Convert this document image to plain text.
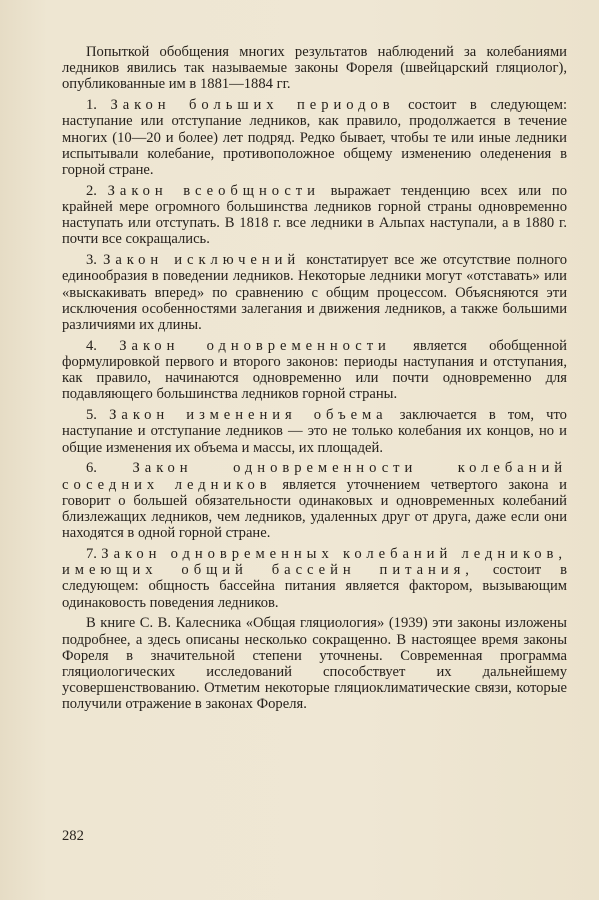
Попыткой обобщения многих результатов наблюдений за колебаниями ледников явились так называемые законы Фореля (швейцарский гляциолог), опубликованные им в 1881—1884 гг.

1. Закон больших периодов состоит в следующем: наступание или отступание ледников, как правило, продолжается в течение многих (10—20 и более) лет подряд. Редко бывает, чтобы те или иные ледники испытывали колебание, противоположное общему изменению оледенения в горной стране.

2. Закон всеобщности выражает тенденцию всех или по крайней мере огромного большинства ледников горной страны одновременно наступать или отступать. В 1818 г. все ледники в Альпах наступали, а в 1880 г. почти все сокращались.

3. Закон исключений констатирует все же отсутствие полного единообразия в поведении ледников. Некоторые ледники могут «отставать» или «выскакивать вперед» по сравнению с общим процессом. Объясняются эти исключения особенностями залегания и движения ледников, а также большими различиями их длины.

4. Закон одновременности является обобщенной формулировкой первого и второго законов: периоды наступания и отступания, как правило, начинаются одновременно или почти одновременно для подавляющего большинства ледников горной страны.

5. Закон изменения объема заключается в том, что наступание и отступание ледников — это не только колебания их концов, но и общие изменения их объема и массы, их площадей.

6. Закон одновременности колебаний соседних ледников является уточнением четвертого закона и говорит о большей обязательности одинаковых и одновременных колебаний близлежащих ледников, чем ледников, удаленных друг от друга, даже если они находятся в одной горной стране.

7. Закон одновременных колебаний ледников, имеющих общий бассейн питания, состоит в следующем: общность бассейна питания является фактором, вызывающим одинаковость поведения ледников.

В книге С. В. Калесника «Общая гляциология» (1939) эти законы изложены подробнее, а здесь описаны несколько сокращенно. В настоящее время законы Фореля в значительной степени уточнены. Современная программа гляциологических исследований способствует их дальнейшему усовершенствованию. Отметим некоторые гляциоклиматические связи, которые получили отражение в законах Фореля.

282
